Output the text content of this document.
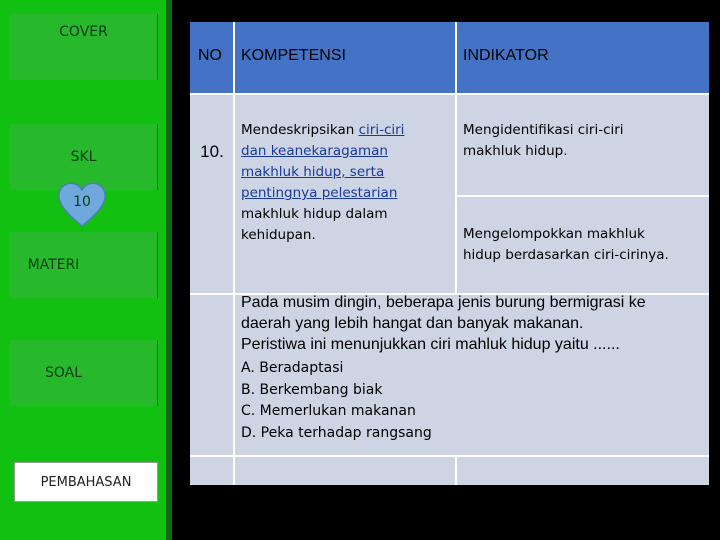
COVER
SKL
10
MATERI
SOAL
PEMBAHASAN
NO KOMPETENSI	INDIKATOR
10.
Mendeskripsikan ciri-ciri
dan keanekaragaman
makhluk hidup, serta
pentingnya pelestarian
makhluk hidup dalam
kehidupan.
Mengidentifikasi ciri-ciri
makhluk hidup.
Mengelompokkan makhluk
hidup berdasarkan ciri-cirinya.
Pada musim dingin, beberapa jenis burung bermigrasi ke
daerah yang lebih hangat dan banyak makanan.
Peristiwa ini menunjukkan ciri mahluk hidup yaitu ......
A. Beradaptasi
B. Berkembang biak
C. Memerlukan makanan
D. Peka terhadap rangsang
